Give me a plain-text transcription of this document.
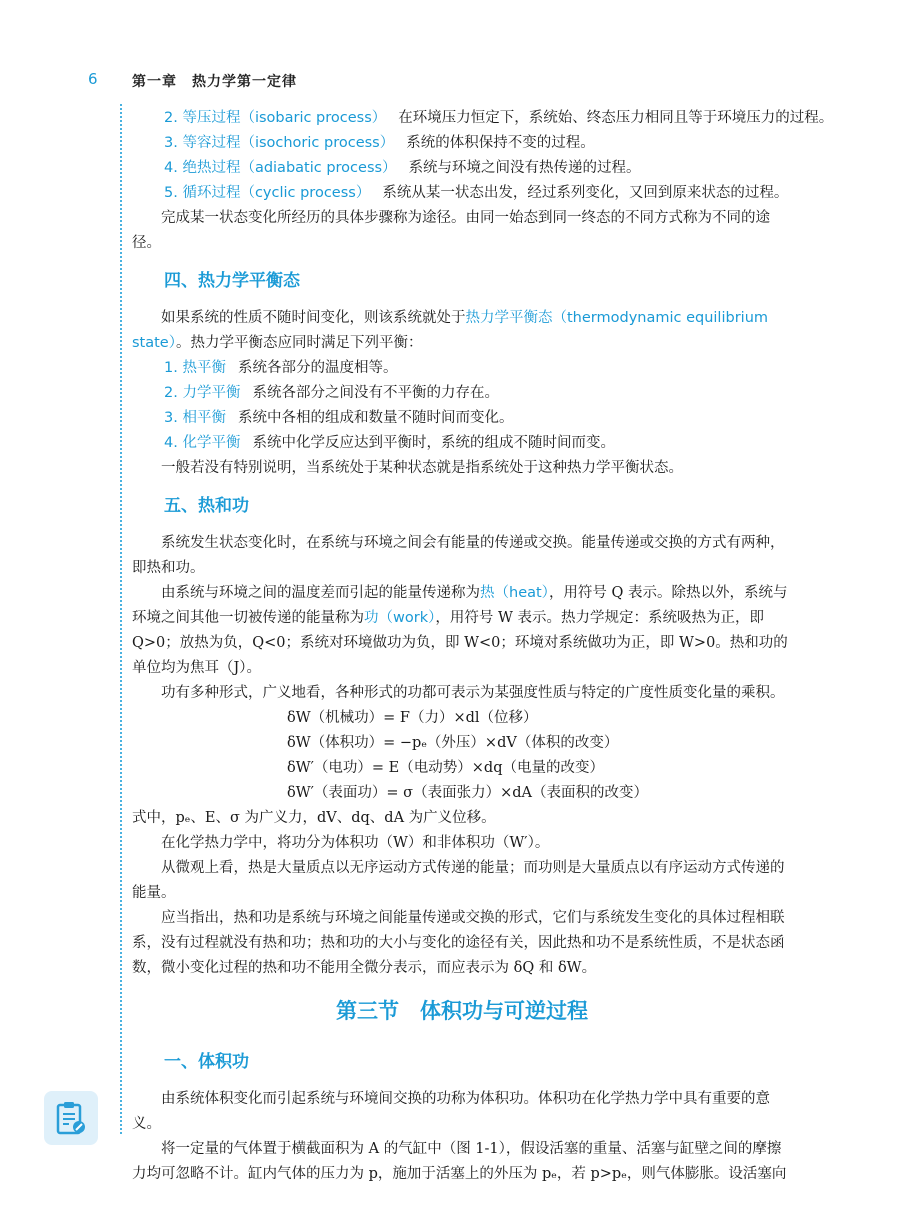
6 第一章　热力学第一定律

2. 等压过程（isobaric process） 在环境压力恒定下，系统始、终态压力相同且等于环境压力的过程。

3. 等容过程（isochoric process） 系统的体积保持不变的过程。

4. 绝热过程（adiabatic process） 系统与环境之间没有热传递的过程。

5. 循环过程（cyclic process） 系统从某一状态出发，经过系列变化，又回到原来状态的过程。

完成某一状态变化所经历的具体步骤称为途径。由同一始态到同一终态的不同方式称为不同的途径。

四、热力学平衡态

如果系统的性质不随时间变化，则该系统就处于热力学平衡态（thermodynamic equilibrium state）。热力学平衡态应同时满足下列平衡：

1. 热平衡 系统各部分的温度相等。

2. 力学平衡 系统各部分之间没有不平衡的力存在。

3. 相平衡 系统中各相的组成和数量不随时间而变化。

4. 化学平衡 系统中化学反应达到平衡时，系统的组成不随时间而变。

一般若没有特别说明，当系统处于某种状态就是指系统处于这种热力学平衡状态。

五、热和功

系统发生状态变化时，在系统与环境之间会有能量的传递或交换。能量传递或交换的方式有两种，即热和功。

由系统与环境之间的温度差而引起的能量传递称为热（heat），用符号 Q 表示。除热以外，系统与环境之间其他一切被传递的能量称为功（work），用符号 W 表示。热力学规定：系统吸热为正，即 Q>0；放热为负，Q<0；系统对环境做功为负，即 W<0；环境对系统做功为正，即 W>0。热和功的单位均为焦耳（J）。

功有多种形式，广义地看，各种形式的功都可表示为某强度性质与特定的广度性质变化量的乘积。

δW（机械功）= F（力）×dl（位移）

δW（体积功）= −pₑ（外压）×dV（体积的改变）

δW′（电功）= E（电动势）×dq（电量的改变）

δW′（表面功）= σ（表面张力）×dA（表面积的改变）

式中，pₑ、E、σ 为广义力，dV、dq、dA 为广义位移。

在化学热力学中，将功分为体积功（W）和非体积功（W′）。

从微观上看，热是大量质点以无序运动方式传递的能量；而功则是大量质点以有序运动方式传递的能量。

应当指出，热和功是系统与环境之间能量传递或交换的形式，它们与系统发生变化的具体过程相联系，没有过程就没有热和功；热和功的大小与变化的途径有关，因此热和功不是系统性质，不是状态函数，微小变化过程的热和功不能用全微分表示，而应表示为 δQ 和 δW。

第三节　体积功与可逆过程
一、体积功

由系统体积变化而引起系统与环境间交换的功称为体积功。体积功在化学热力学中具有重要的意义。

将一定量的气体置于横截面积为 A 的气缸中（图 1-1），假设活塞的重量、活塞与缸壁之间的摩擦力均可忽略不计。缸内气体的压力为 p，施加于活塞上的外压为 pₑ，若 p>pₑ，则气体膨胀。设活塞向
